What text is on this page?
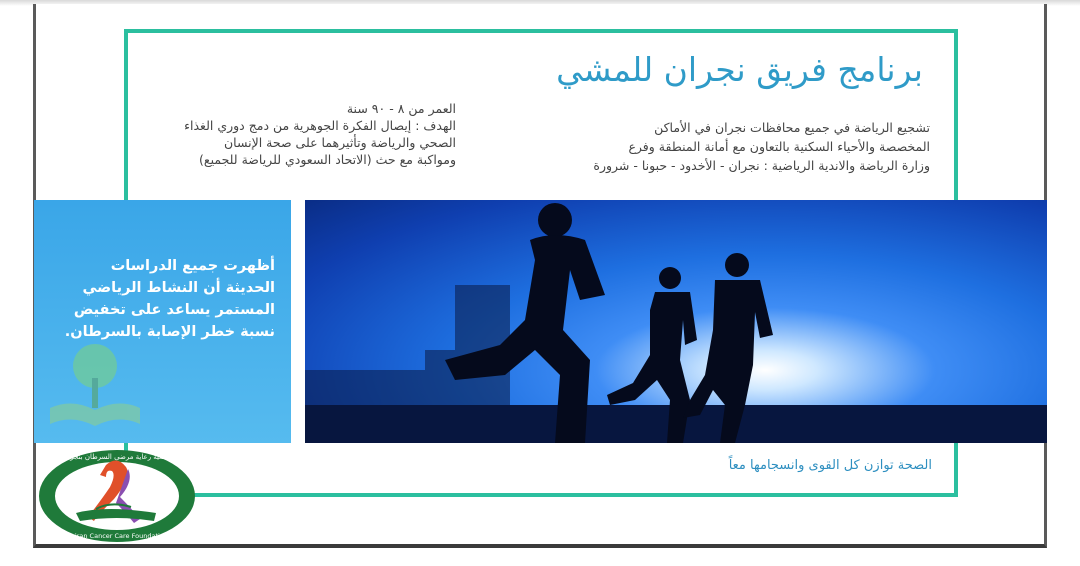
برنامج فريق نجران للمشي
العمر من ٨ - ٩٠ سنة
الهدف : إيصال الفكرة الجوهرية من دمج دوري الغذاء
الصحي والرياضة وتأثيرهما على صحة الإنسان
ومواكبة مع حث (الاتحاد السعودي للرياضة للجميع)
تشجيع الرياضة في جميع محافظات نجران في الأماكن
المخصصة والأحياء السكنية بالتعاون مع أمانة المنطقة وفرع
وزارة الرياضة والاندية الرياضية : نجران - الأخدود - حبونا - شرورة
أظهرت جميع الدراسات
الحديثة أن النشاط الرياضي
المستمر يساعد على تخفيض
نسبة خطر الإصابة بالسرطان.
الصحة توازن كل القوى وانسجامها معاً
جمعية رعاية مرضى السرطان بنجران
Najran Cancer Care Foundation
